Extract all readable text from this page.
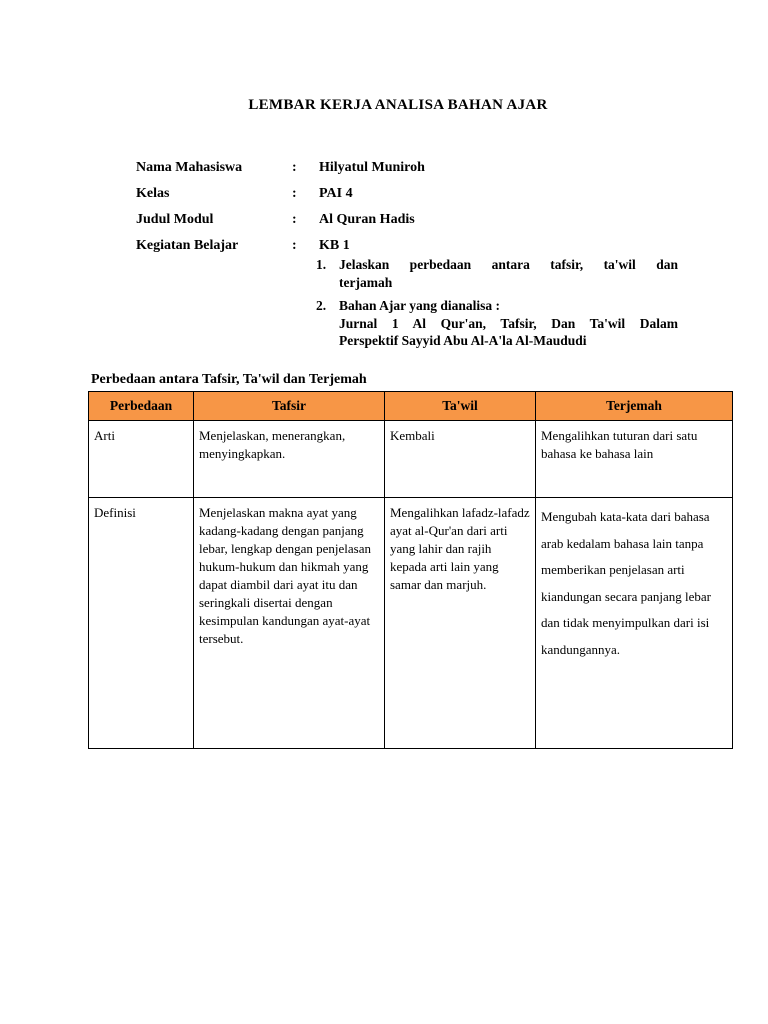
LEMBAR KERJA ANALISA BAHAN AJAR
Nama Mahasiswa	:	Hilyatul Muniroh
Kelas	:	PAI 4
Judul Modul	:	Al Quran Hadis
Kegiatan Belajar	:	KB 1
1. Jelaskan perbedaan antara tafsir, ta'wil dan
terjamah
2. Bahan Ajar yang dianalisa :
Jurnal 1 Al Qur'an, Tafsir, Dan Ta'wil Dalam
Perspektif Sayyid Abu Al-A'la Al-Maududi
Perbedaan antara Tafsir, Ta'wil dan Terjemah
Perbedaan	Tafsir	Ta'wil	Terjemah

Arti	Menjelaskan, menerangkan, menyingkapkan.	Kembali	Mengalihkan tuturan dari satu bahasa ke bahasa lain

Definisi	Menjelaskan makna ayat yang kadang-kadang dengan panjang lebar, lengkap dengan penjelasan hukum-hukum dan hikmah yang dapat diambil dari ayat itu dan seringkali disertai dengan kesimpulan kandungan ayat-ayat tersebut.	Mengalihkan lafadz-lafadz ayat al-Qur'an dari arti yang lahir dan rajih kepada arti lain yang samar dan marjuh.	Mengubah kata-kata dari bahasa arab kedalam bahasa lain tanpa memberikan penjelasan arti kiandungan secara panjang lebar dan tidak menyimpulkan dari isi kandungannya.
